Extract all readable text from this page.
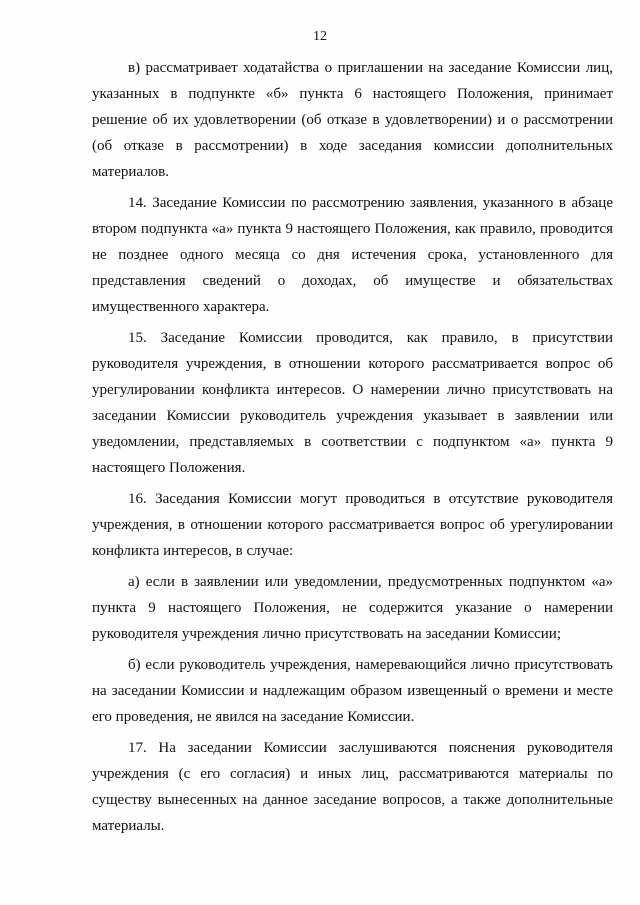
12

в) рассматривает ходатайства о приглашении на заседание Комиссии лиц, указанных в подпункте «б» пункта 6 настоящего Положения, принимает решение об их удовлетворении (об отказе в удовлетворении) и о рассмотрении (об отказе в рассмотрении) в ходе заседания комиссии дополнительных материалов.

14. Заседание Комиссии по рассмотрению заявления, указанного в абзаце втором подпункта «а» пункта 9 настоящего Положения, как правило, проводится не позднее одного месяца со дня истечения срока, установленного для представления сведений о доходах, об имуществе и обязательствах имущественного характера.

15. Заседание Комиссии проводится, как правило, в присутствии руководителя учреждения, в отношении которого рассматривается вопрос об урегулировании конфликта интересов. О намерении лично присутствовать на заседании Комиссии руководитель учреждения указывает в заявлении или уведомлении, представляемых в соответствии с подпунктом «а» пункта 9 настоящего Положения.

16. Заседания Комиссии могут проводиться в отсутствие руководителя учреждения, в отношении которого рассматривается вопрос об урегулировании конфликта интересов, в случае:

а) если в заявлении или уведомлении, предусмотренных подпунктом «а» пункта 9 настоящего Положения, не содержится указание о намерении руководителя учреждения лично присутствовать на заседании Комиссии;

б) если руководитель учреждения, намеревающийся лично присутствовать на заседании Комиссии и надлежащим образом извещенный о времени и месте его проведения, не явился на заседание Комиссии.

17. На заседании Комиссии заслушиваются пояснения руководителя учреждения (с его согласия) и иных лиц, рассматриваются материалы по существу вынесенных на данное заседание вопросов, а также дополнительные материалы.
